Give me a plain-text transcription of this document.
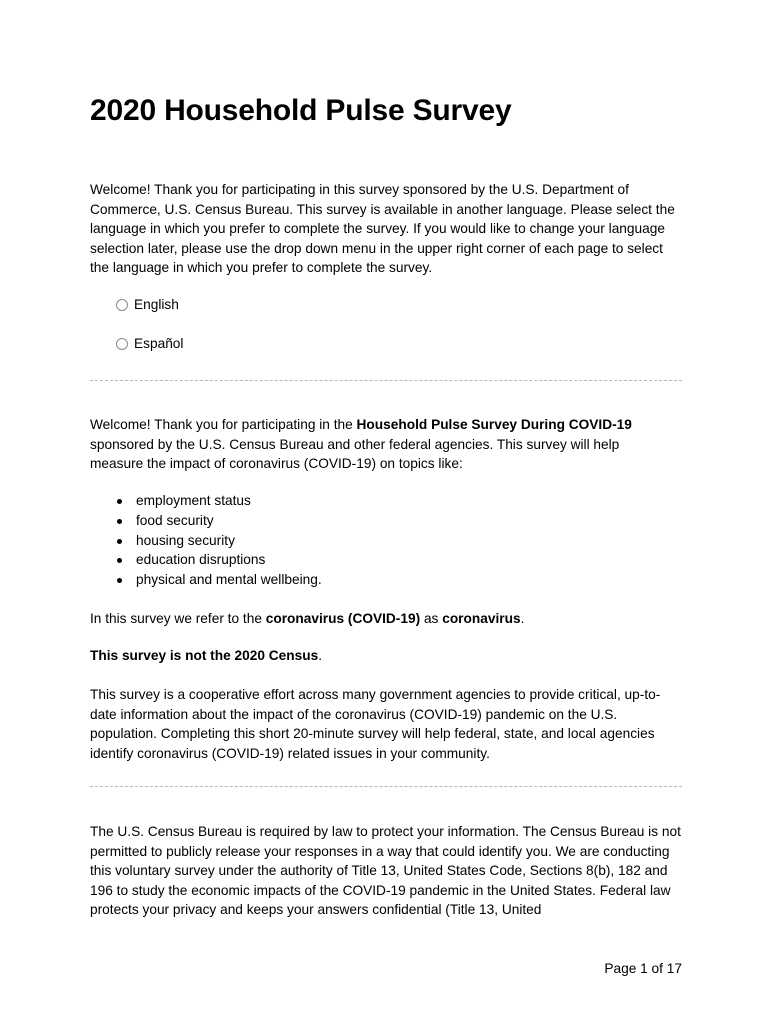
2020 Household Pulse Survey

Welcome! Thank you for participating in this survey sponsored by the U.S. Department of Commerce, U.S. Census Bureau. This survey is available in another language. Please select the language in which you prefer to complete the survey. If you would like to change your language selection later, please use the drop down menu in the upper right corner of each page to select the language in which you prefer to complete the survey.

English
Español

Welcome! Thank you for participating in the Household Pulse Survey During COVID-19 sponsored by the U.S. Census Bureau and other federal agencies. This survey will help measure the impact of coronavirus (COVID-19) on topics like:

employment status
food security
housing security
education disruptions
physical and mental wellbeing.

In this survey we refer to the coronavirus (COVID-19) as coronavirus.

This survey is not the 2020 Census.

This survey is a cooperative effort across many government agencies to provide critical, up-to-date information about the impact of the coronavirus (COVID-19) pandemic on the U.S. population. Completing this short 20-minute survey will help federal, state, and local agencies identify coronavirus (COVID-19) related issues in your community.

The U.S. Census Bureau is required by law to protect your information. The Census Bureau is not permitted to publicly release your responses in a way that could identify you. We are conducting this voluntary survey under the authority of Title 13, United States Code, Sections 8(b), 182 and 196 to study the economic impacts of the COVID-19 pandemic in the United States. Federal law protects your privacy and keeps your answers confidential (Title 13, United

Page 1 of 17
